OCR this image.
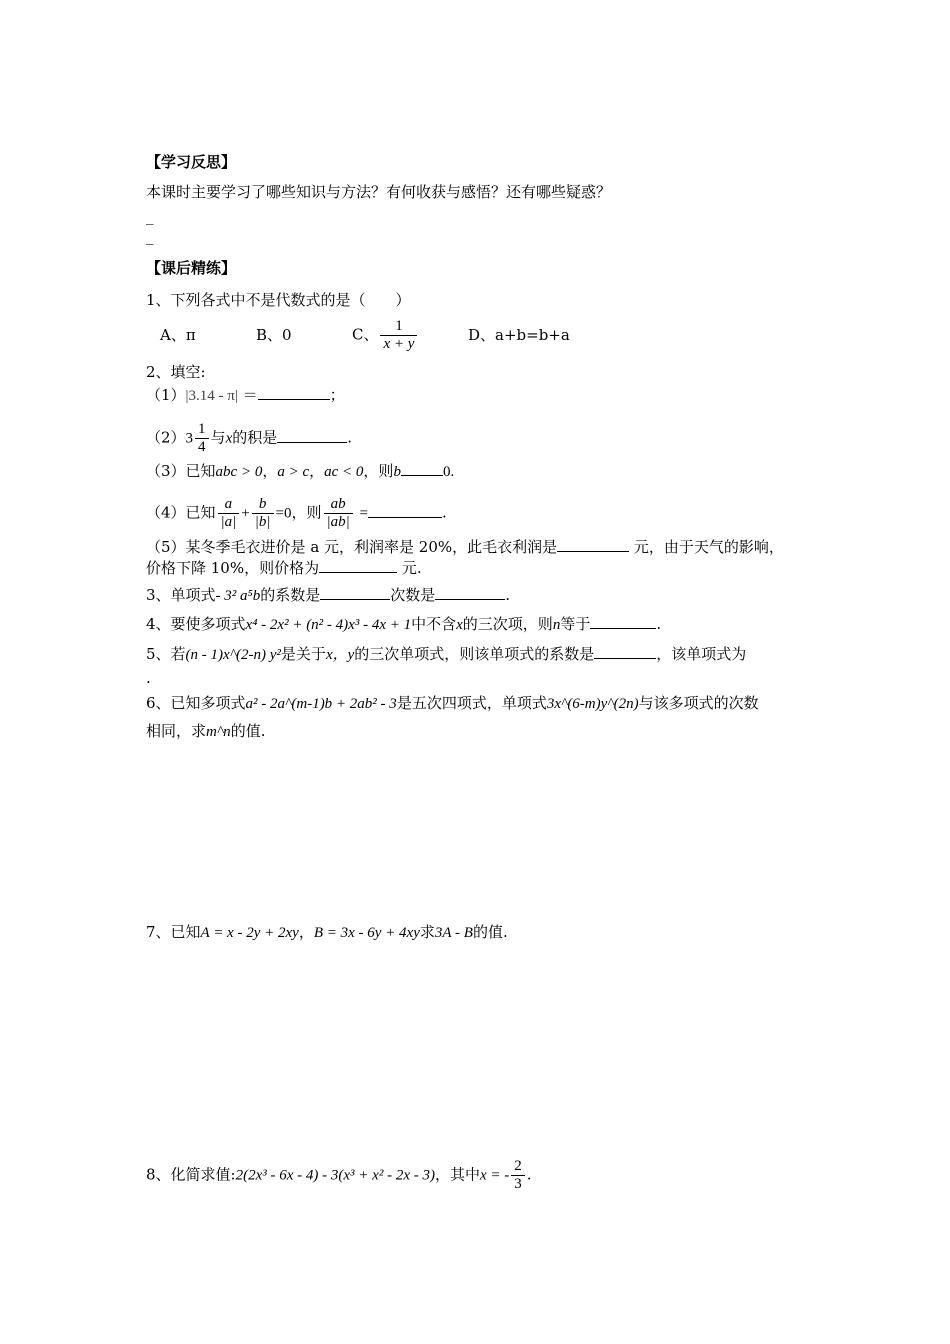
【学习反思】
本课时主要学习了哪些知识与方法？有何收获与感悟？还有哪些疑惑？
_
_
【课后精练】
1、下列各式中不是代数式的是（　　）
A、π	B、0	C、 $\frac{1}{x + y}$	D、a+b=b+a
2、填空:
（1）|3.14 - π| ＝	；
$(2)3 \frac{1}{4}$ 与x的积是	.
（3）已知abc > 0，a > c，ac < 0，则b	0.
（4）已知 $\frac{a}{|a|} + \frac{b}{|b|} =0$，则 $\frac{ab}{|ab|}$ =	.
（5）某冬季毛衣进价是 a 元，利润率是 20%，此毛衣利润是	元，由于天气的影响，
价格下降 10%，则价格为	元.
3、单项式- 3² a⁵b的系数是	次数是	.
4、要使多项式x⁴ - 2x² + (n² - 4)x³ - 4x + 1中不含x的三次项，则n等于	.
5、若(n - 1)x^(2-n) y²是关于x，y的三次单项式，则该单项式的系数是	，该单项式为
.
6、已知多项式a² - 2a^(m-1)b + 2ab² - 3是五次四项式，单项式3x^(6-m)y^(2n)与该多项式的次数
相同，求m^n的值.
7、已知A = x - 2y + 2xy，B = 3x - 6y + 4xy求3A - B的值.
8、化简求值:2(2x³ - 6x - 4) - 3(x³ + x² - 2x - 3)，其中x = - $\frac{2}{3}$ .
